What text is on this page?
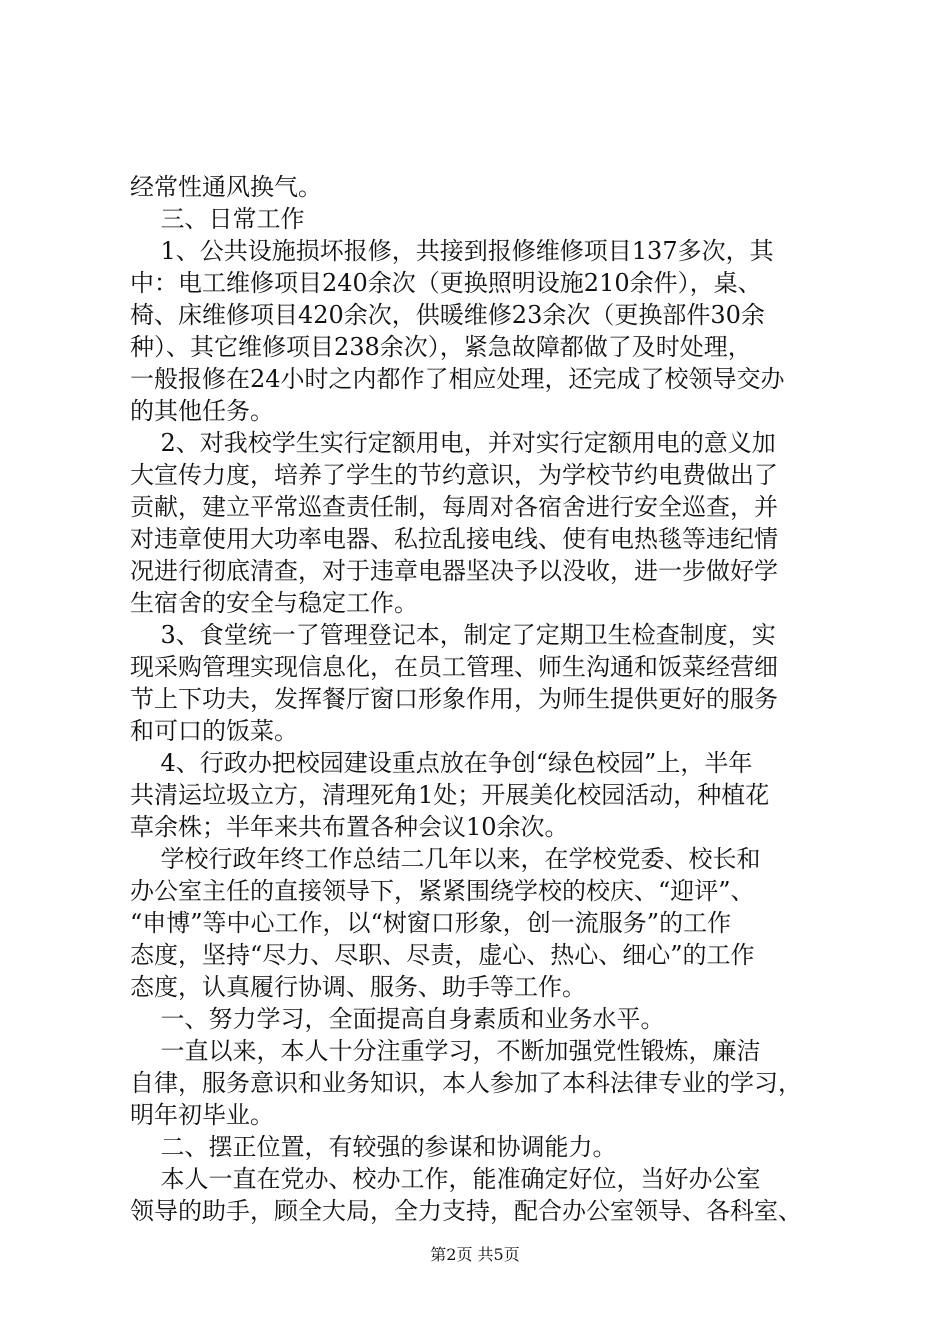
经常性通风换气。
三、日常工作
1、公共设施损坏报修，共接到报修维修项目137多次，其
中：电工维修项目240余次（更换照明设施210余件），桌、
椅、床维修项目420余次，供暖维修23余次（更换部件30余
种）、其它维修项目238余次），紧急故障都做了及时处理，
一般报修在24小时之内都作了相应处理，还完成了校领导交办
的其他任务。
2、对我校学生实行定额用电，并对实行定额用电的意义加
大宣传力度，培养了学生的节约意识，为学校节约电费做出了
贡献，建立平常巡查责任制，每周对各宿舍进行安全巡查，并
对违章使用大功率电器、私拉乱接电线、使有电热毯等违纪情
况进行彻底清查，对于违章电器坚决予以没收，进一步做好学
生宿舍的安全与稳定工作。
3、食堂统一了管理登记本，制定了定期卫生检查制度，实
现采购管理实现信息化，在员工管理、师生沟通和饭菜经营细
节上下功夫，发挥餐厅窗口形象作用，为师生提供更好的服务
和可口的饭菜。
4、行政办把校园建设重点放在争创“绿色校园”上，半年
共清运垃圾立方，清理死角1处；开展美化校园活动，种植花
草余株；半年来共布置各种会议10余次。
学校行政年终工作总结二几年以来，在学校党委、校长和
办公室主任的直接领导下，紧紧围绕学校的校庆、“迎评”、
“申博”等中心工作，以“树窗口形象，创一流服务”的工作
态度，坚持“尽力、尽职、尽责，虚心、热心、细心”的工作
态度，认真履行协调、服务、助手等工作。
一、努力学习，全面提高自身素质和业务水平。
一直以来，本人十分注重学习，不断加强党性锻炼，廉洁
自律，服务意识和业务知识，本人参加了本科法律专业的学习，
明年初毕业。
二、摆正位置，有较强的参谋和协调能力。
本人一直在党办、校办工作，能准确定好位，当好办公室
领导的助手，顾全大局，全力支持，配合办公室领导、各科室、
第2页 共5页
